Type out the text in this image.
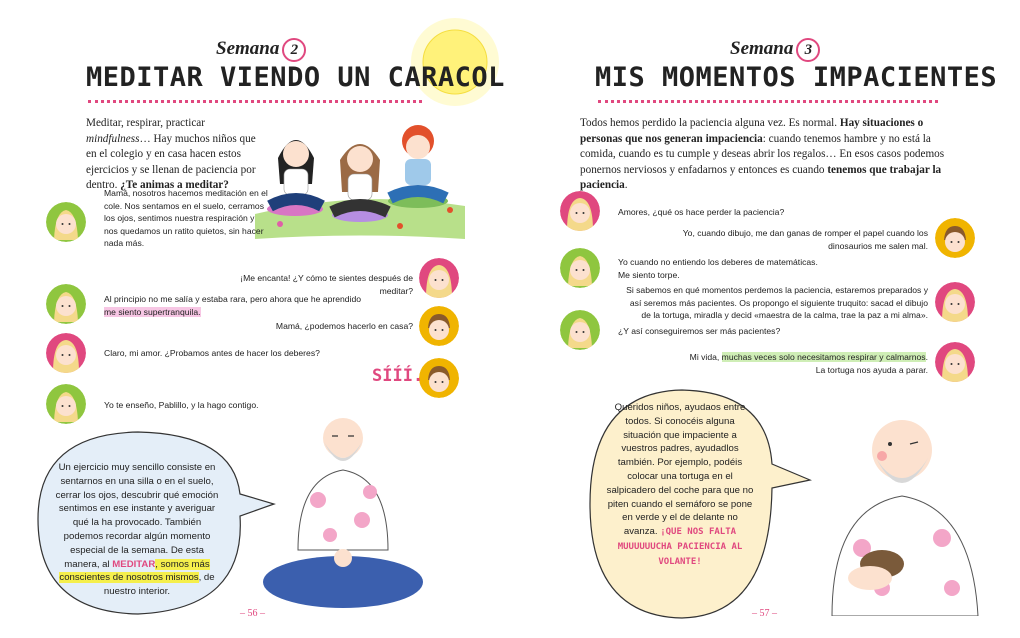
Semana 2
MEDITAR VIENDO UN CARACOL
Meditar, respirar, practicar mindfulness… Hay muchos niños que en el colegio y en casa hacen estos ejercicios y se llenan de paciencia por dentro. ¿Te animas a meditar?
Mamá, nosotros hacemos meditación en el cole. Nos sentamos en el suelo, cerramos los ojos, sentimos nuestra respiración y nos quedamos un ratito quietos, sin hacer nada más.
¡Me encanta! ¿Y cómo te sientes después de meditar?
Al principio no me salía y estaba rara, pero ahora que he aprendido
me siento supertranquila.
Mamá, ¿podemos hacerlo en casa?
Claro, mi amor. ¿Probamos antes de hacer los deberes?
SÍÍÍ.
Yo te enseño, Pablillo, y la hago contigo.
Un ejercicio muy sencillo consiste en sentarnos en una silla o en el suelo, cerrar los ojos, descubrir qué emoción sentimos en ese instante y averiguar qué la ha provocado. También podemos recordar algún momento especial de la semana. De esta manera, al MEDITAR, somos más conscientes de nosotros mismos, de nuestro interior.
– 56 –
Semana 3
MIS MOMENTOS IMPACIENTES
Todos hemos perdido la paciencia alguna vez. Es normal. Hay situaciones o personas que nos generan impaciencia: cuando tenemos hambre y no está la comida, cuando es tu cumple y deseas abrir los regalos… En esos casos podemos ponernos nerviosos y enfadarnos y entonces es cuando tenemos que trabajar la paciencia.
Amores, ¿qué os hace perder la paciencia?
Yo, cuando dibujo, me dan ganas de romper el papel cuando los dinosaurios me salen mal.
Yo cuando no entiendo los deberes de matemáticas. Me siento torpe.
Si sabemos en qué momentos perdemos la paciencia, estaremos preparados y así seremos más pacientes. Os propongo el siguiente truquito: sacad el dibujo de la tortuga, miradla y decid «maestra de la calma, trae la paz a mi alma».
¿Y así conseguiremos ser más pacientes?
Mi vida, muchas veces solo necesitamos respirar y calmarnos.
La tortuga nos ayuda a parar.
Queridos niños, ayudaos entre todos. Si conocéis alguna situación que impaciente a vuestros padres, ayudadlos también. Por ejemplo, podéis colocar una tortuga en el salpicadero del coche para que no piten cuando el semáforo se pone en verde y el de delante no avanza. ¡QUE NOS FALTA MUUUUUUCHA PACIENCIA AL VOLANTE!
– 57 –
